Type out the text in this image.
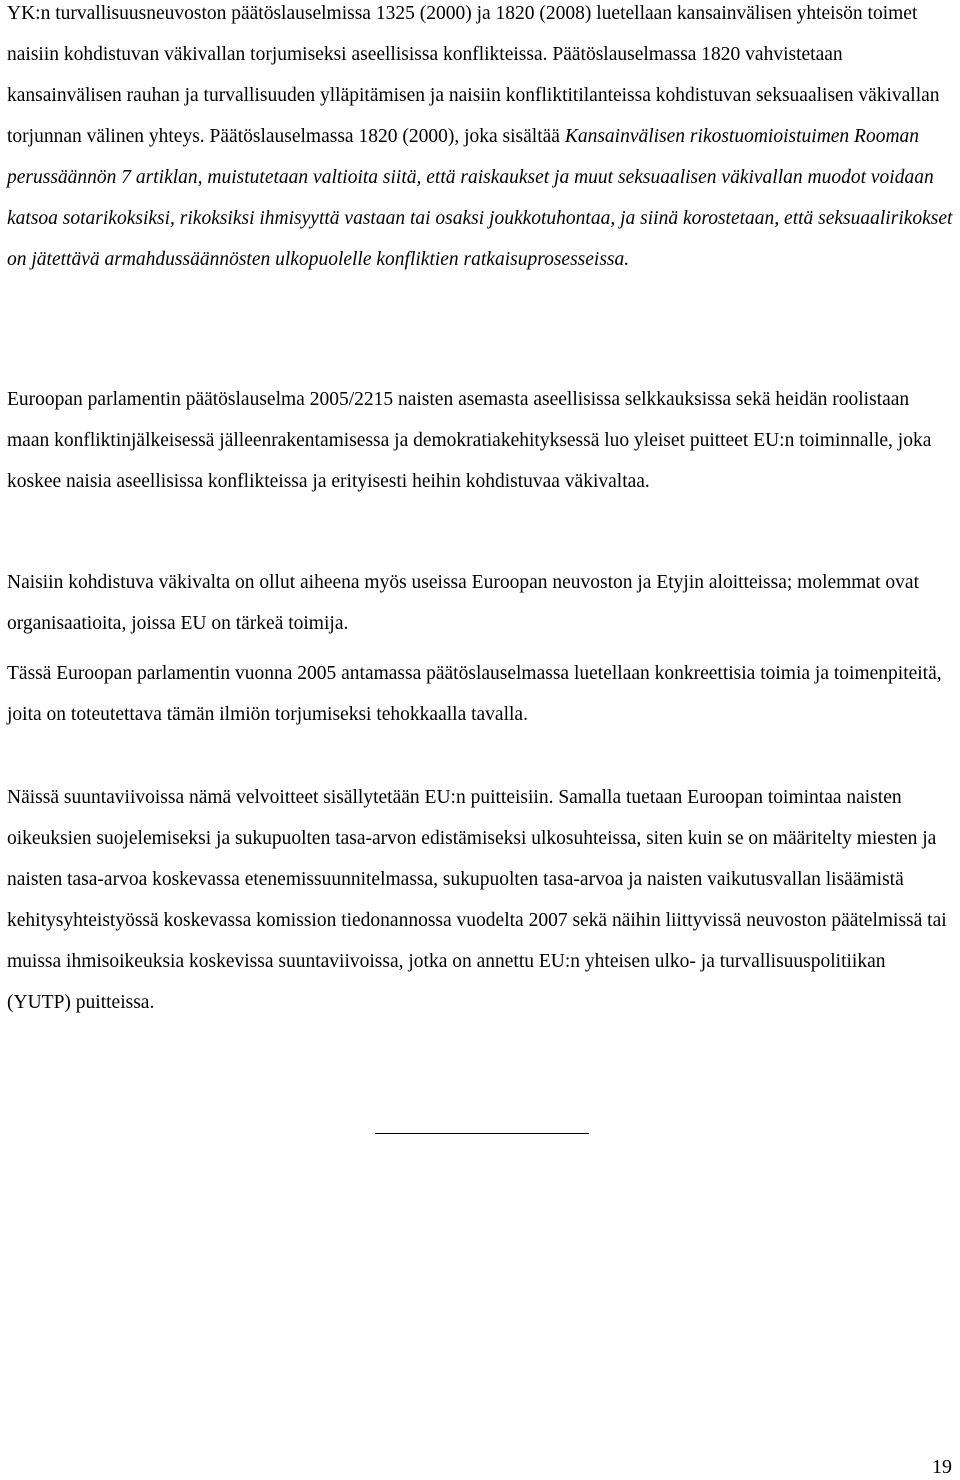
YK:n turvallisuusneuvoston päätöslauselmissa 1325 (2000) ja 1820 (2008) luetellaan kansainvälisen yhteisön toimet naisiin kohdistuvan väkivallan torjumiseksi aseellisissa konflikteissa. Päätöslauselmassa 1820 vahvistetaan kansainvälisen rauhan ja turvallisuuden ylläpitämisen ja naisiin konfliktitilanteissa kohdistuvan seksuaalisen väkivallan torjunnan välinen yhteys. Päätöslauselmassa 1820 (2000), joka sisältää Kansainvälisen rikostuomioistuimen Rooman perussäännön 7 artiklan, muistutetaan valtioita siitä, että raiskaukset ja muut seksuaalisen väkivallan muodot voidaan katsoa sotarikoksiksi, rikoksiksi ihmisyyttä vastaan tai osaksi joukkotuhontaa, ja siinä korostetaan, että seksuaalirikokset on jätettävä armahdussäännösten ulkopuolelle konfliktien ratkaisuprosesseissa.

Euroopan parlamentin päätöslauselma 2005/2215 naisten asemasta aseellisissa selkkauksissa sekä heidän roolistaan maan konfliktinjälkeisessä jälleenrakentamisessa ja demokratiakehityksessä luo yleiset puitteet EU:n toiminnalle, joka koskee naisia aseellisissa konflikteissa ja erityisesti heihin kohdistuvaa väkivaltaa.

Naisiin kohdistuva väkivalta on ollut aiheena myös useissa Euroopan neuvoston ja Etyjin aloitteissa; molemmat ovat organisaatioita, joissa EU on tärkeä toimija.

Tässä Euroopan parlamentin vuonna 2005 antamassa päätöslauselmassa luetellaan konkreettisia toimia ja toimenpiteitä, joita on toteutettava tämän ilmiön torjumiseksi tehokkaalla tavalla.

Näissä suuntaviivoissa nämä velvoitteet sisällytetään EU:n puitteisiin. Samalla tuetaan Euroopan toimintaa naisten oikeuksien suojelemiseksi ja sukupuolten tasa-arvon edistämiseksi ulkosuhteissa, siten kuin se on määritelty miesten ja naisten tasa-arvoa koskevassa etenemissuunnitelmassa, sukupuolten tasa-arvoa ja naisten vaikutusvallan lisäämistä kehitysyhteistyössä koskevassa komission tiedonannossa vuodelta 2007 sekä näihin liittyvissä neuvoston päätelmissä tai muissa ihmisoikeuksia koskevissa suuntaviivoissa, jotka on annettu EU:n yhteisen ulko- ja turvallisuuspolitiikan (YUTP) puitteissa.

19
